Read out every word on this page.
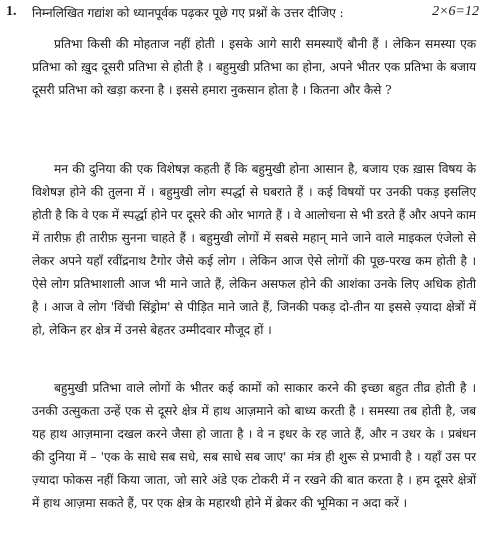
1. निम्नलिखित गद्यांश को ध्यानपूर्वक पढ़कर पूछे गए प्रश्नों के उत्तर दीजिए :	2×6=12

प्रतिभा किसी की मोहताज नहीं होती । इसके आगे सारी समस्याएँ बौनी हैं । लेकिन समस्या एक प्रतिभा को ख़ुद दूसरी प्रतिभा से होती है । बहुमुखी प्रतिभा का होना, अपने भीतर एक प्रतिभा के बजाय दूसरी प्रतिभा को खड़ा करना है । इससे हमारा नुकसान होता है । कितना और कैसे ?

मन की दुनिया की एक विशेषज्ञ कहती हैं कि बहुमुखी होना आसान है, बजाय एक ख़ास विषय के विशेषज्ञ होने की तुलना में । बहुमुखी लोग स्पर्द्धा से घबराते हैं । कई विषयों पर उनकी पकड़ इसलिए होती है कि वे एक में स्पर्द्धा होने पर दूसरे की ओर भागते हैं । वे आलोचना से भी डरते हैं और अपने काम में तारीफ़ ही तारीफ़ सुनना चाहते हैं । बहुमुखी लोगों में सबसे महान् माने जाने वाले माइकल एंजेलो से लेकर अपने यहाँ रवींद्रनाथ टैगोर जैसे कई लोग । लेकिन आज ऐसे लोगों की पूछ-परख कम होती है । ऐसे लोग प्रतिभाशाली आज भी माने जाते हैं, लेकिन असफल होने की आशंका उनके लिए अधिक होती है । आज वे लोग 'विंची सिंड्रोम' से पीड़ित माने जाते हैं, जिनकी पकड़ दो-तीन या इससे ज़्यादा क्षेत्रों में हो, लेकिन हर क्षेत्र में उनसे बेहतर उम्मीदवार मौजूद हों ।

बहुमुखी प्रतिभा वाले लोगों के भीतर कई कामों को साकार करने की इच्छा बहुत तीव्र होती है । उनकी उत्सुकता उन्हें एक से दूसरे क्षेत्र में हाथ आज़माने को बाध्य करती है । समस्या तब होती है, जब यह हाथ आज़माना दखल करने जैसा हो जाता है । वे न इधर के रह जाते हैं, और न उधर के । प्रबंधन की दुनिया में – 'एक के साधे सब सधे, सब साधे सब जाए' का मंत्र ही शुरू से प्रभावी है । यहाँ उस पर ज़्यादा फोकस नहीं किया जाता, जो सारे अंडे एक टोकरी में न रखने की बात करता है । हम दूसरे क्षेत्रों में हाथ आज़मा सकते हैं, पर एक क्षेत्र के महारथी होने में ब्रेकर की भूमिका न अदा करें ।
